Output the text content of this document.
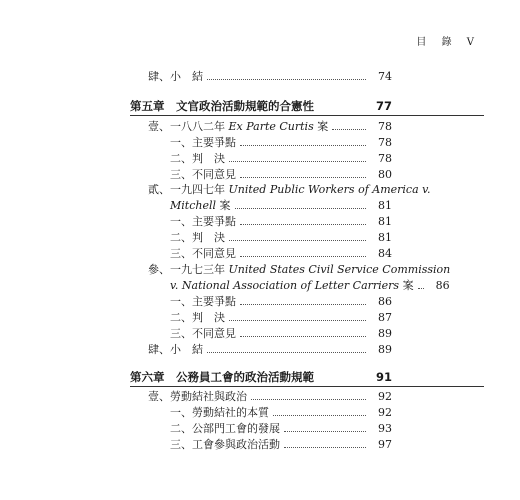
目 錄 V
肆、小　結	74
第五章　文官政治活動規範的合憲性	77
壹、一八八二年 Ex Parte Curtis 案	78
一、主要爭點	78
二、判　決	78
三、不同意見	80
貳、一九四七年 United Public Workers of America v.
Mitchell 案	81
一、主要爭點	81
二、判　決	81
三、不同意見	84
參、一九七三年 United States Civil Service Commission
v. National Association of Letter Carriers 案	86
一、主要爭點	86
二、判　決	87
三、不同意見	89
肆、小　結	89
第六章　公務員工會的政治活動規範	91
壹、勞動結社與政治	92
一、勞動結社的本質	92
二、公部門工會的發展	93
三、工會參與政治活動	97
